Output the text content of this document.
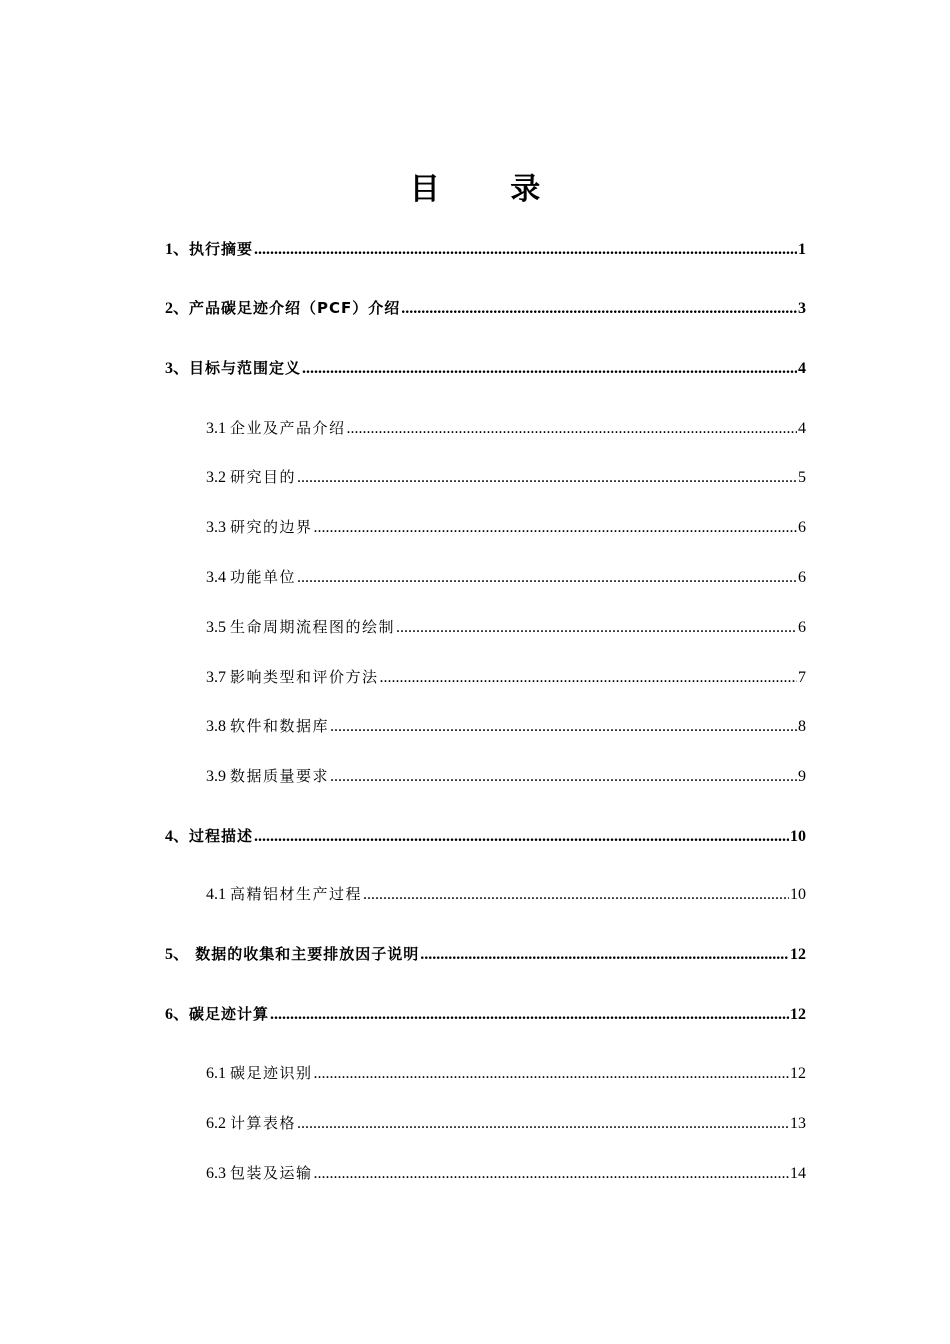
目 录
1、 执行摘要 .....	1
2、 产品碳足迹介绍（PCF）介绍 .....	3
3、 目标与范围定义 .....	4
3.1 企业及产品介绍 .....	4
3.2 研究目的 .....	5
3.3 研究的边界 .....	6
3.4 功能单位 .....	6
3.5 生命周期流程图的绘制 .....	6
3.7 影响类型和评价方法 .....	7
3.8 软件和数据库 .....	8
3.9 数据质量要求 .....	9
4、 过程描述 .....	10
4.1 高精铝材生产过程 .....	10
5、 数据的收集和主要排放因子说明 .....	12
6、 碳足迹计算 .....	12
6.1 碳足迹识别 .....	12
6.2 计算表格 .....	13
6.3 包装及运输 .....	14
